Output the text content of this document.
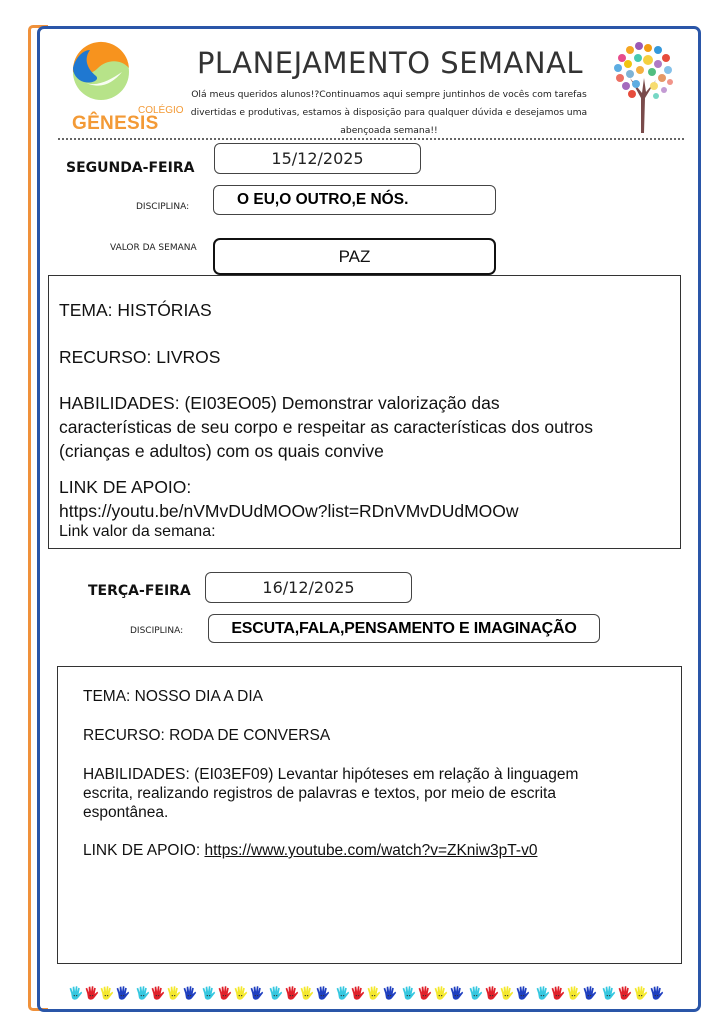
COLÉGIO
GÊNESIS
PLANEJAMENTO SEMANAL
Olá meus queridos alunos!?Continuamos aqui sempre juntinhos de vocês com tarefas
divertidas e produtivas, estamos à disposição para qualquer dúvida e desejamos uma
abençoada semana!!
SEGUNDA-FEIRA	15/12/2025
DISCIPLINA:	O EU,O OUTRO,E NÓS.
VALOR DA SEMANA	PAZ
TEMA: HISTÓRIAS
RECURSO: LIVROS
HABILIDADES: (EI03EO05) Demonstrar valorização das
características de seu corpo e respeitar as características dos outros
(crianças e adultos) com os quais convive
LINK DE APOIO:
https://youtu.be/nVMvDUdMOOw?list=RDnVMvDUdMOOw
Link valor da semana:
TERÇA-FEIRA	16/12/2025
DISCIPLINA:	ESCUTA,FALA,PENSAMENTO E IMAGINAÇÃO
TEMA: NOSSO DIA A DIA
RECURSO: RODA DE CONVERSA
HABILIDADES: (EI03EF09) Levantar hipóteses em relação à linguagem
escrita, realizando registros de palavras e textos, por meio de escrita
espontânea.
LINK DE APOIO: https://www.youtube.com/watch?v=ZKniw3pT-v0
